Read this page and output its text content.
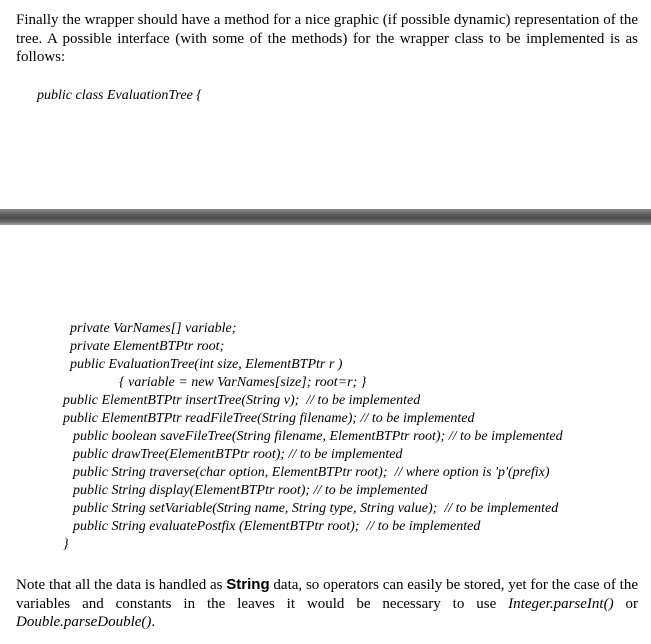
Finally the wrapper should have a method for a nice graphic (if possible dynamic) representation of the tree. A possible interface (with some of the methods) for the wrapper class to be implemented is as follows:

public class EvaluationTree {

private VarNames[] variable;

private ElementBTPtr root;

public EvaluationTree(int size, ElementBTPtr r )

{ variable = new VarNames[size]; root=r; }

public ElementBTPtr insertTree(String v);  // to be implemented

public ElementBTPtr readFileTree(String filename); // to be implemented

public boolean saveFileTree(String filename, ElementBTPtr root); // to be implemented

public drawTree(ElementBTPtr root); // to be implemented

public String traverse(char option, ElementBTPtr root);  // where option is 'p'(prefix)

public String display(ElementBTPtr root); // to be implemented

public String setVariable(String name, String type, String value);  // to be implemented

public String evaluatePostfix (ElementBTPtr root);  // to be implemented

}

Note that all the data is handled as String data, so operators can easily be stored, yet for the case of the variables and constants in the leaves it would be necessary to use Integer.parseInt() or Double.parseDouble().
